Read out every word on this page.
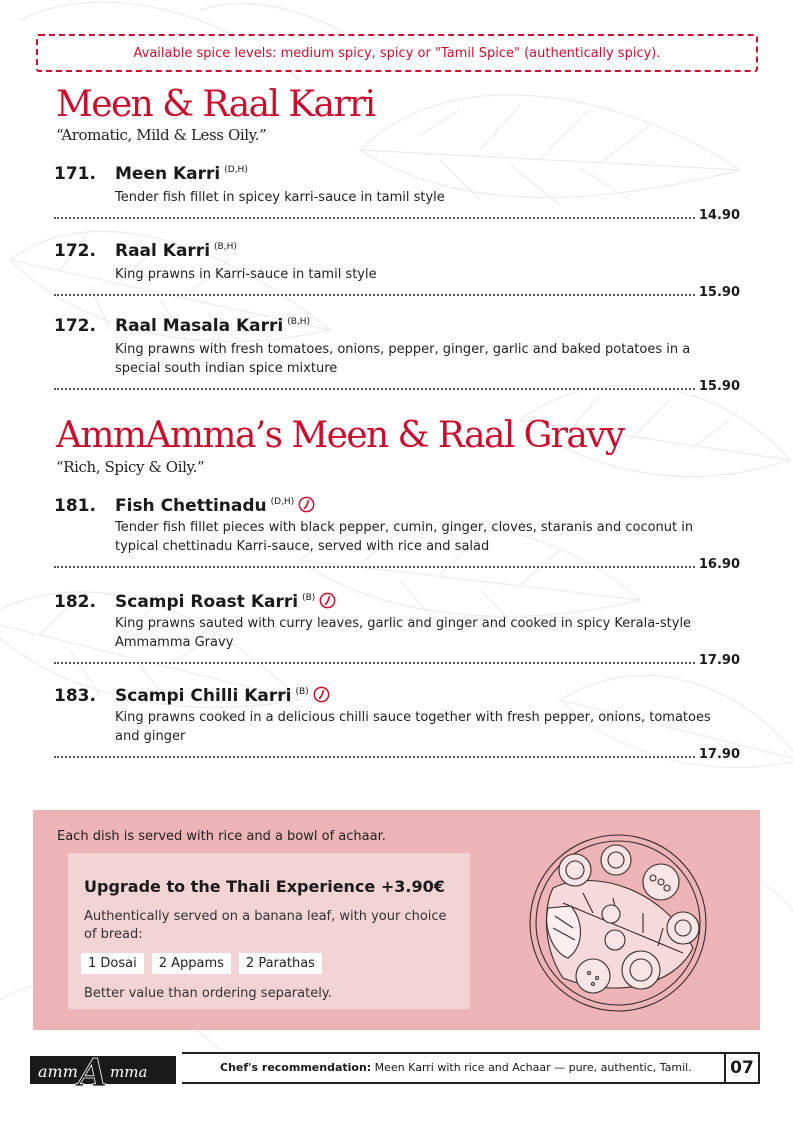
Available spice levels: medium spicy, spicy or "Tamil Spice" (authentically spicy).
Meen & Raal Karri
“Aromatic, Mild & Less Oily.”
171.	Meen Karri (D,H)
Tender fish fillet in spicey karri-sauce in tamil style
14.90
172.	Raal Karri (B,H)
King prawns in Karri-sauce in tamil style
15.90
172.	Raal Masala Karri (B,H)
King prawns with fresh tomatoes, onions, pepper, ginger, garlic and baked potatoes in a special south indian spice mixture
15.90
AmmAmma’s Meen & Raal Gravy
“Rich, Spicy & Oily.”
181.	Fish Chettinadu (D,H)
Tender fish fillet pieces with black pepper, cumin, ginger, cloves, staranis and coconut in typical chettinadu Karri-sauce, served with rice and salad
16.90
182.	Scampi Roast Karri (B)
King prawns sauted with curry leaves, garlic and ginger and cooked in spicy Kerala-style Ammamma Gravy
17.90
183.	Scampi Chilli Karri (B)
King prawns cooked in a delicious chilli sauce together with fresh pepper, onions, tomatoes and ginger
17.90
Each dish is served with rice and a bowl of achaar.
Upgrade to the Thali Experience +3.90€
Authentically served on a banana leaf, with your choice of bread:
1 Dosai	2 Appams	2 Parathas
Better value than ordering separately.
amm A mma	Chef's recommendation: Meen Karri with rice and Achaar — pure, authentic, Tamil.	07
